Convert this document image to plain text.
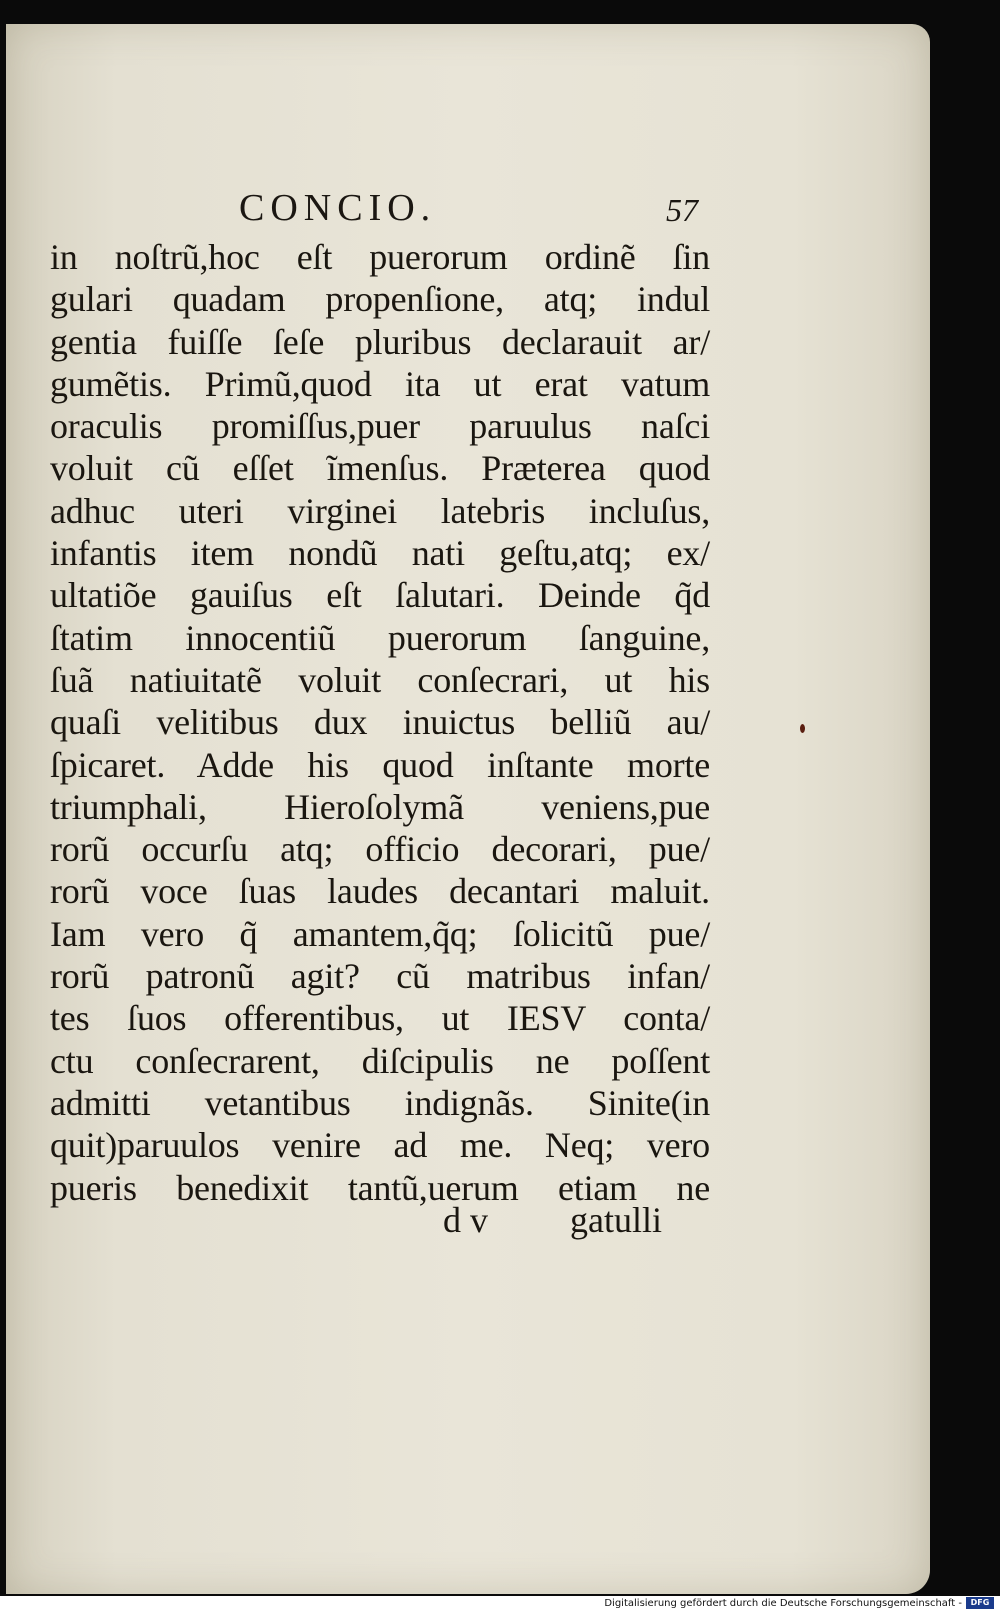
CONCIO.	57
in noſtrũ,hoc eſt puerorum ordinẽ ſin
gulari quadam propenſione, atq; indul
gentia fuiſſe ſeſe pluribus declarauit ar/
gumẽtis. Primũ,quod ita ut erat vatum
oraculis promiſſus,puer paruulus naſci
voluit cũ eſſet ĩmenſus. Præterea quod
adhuc uteri virginei latebris incluſus,
infantis item nondũ nati geſtu,atq; ex/
ultatiõe gauiſus eſt ſalutari. Deinde q̃d
ſtatim innocentiũ puerorum ſanguine,
ſuã natiuitatẽ voluit conſecrari, ut his
quaſi velitibus dux inuictus belliũ au/
ſpicaret. Adde his quod inſtante morte
triumphali, Hieroſolymã veniens,pue
rorũ occurſu atq; officio decorari, pue/
rorũ voce ſuas laudes decantari maluit.
Iam vero q̃ amantem,q̃q; ſolicitũ pue/
rorũ patronũ agit? cũ matribus infan/
tes ſuos offerentibus, ut IESV conta/
ctu conſecrarent, diſcipulis ne poſſent
admitti vetantibus indignãs. Sinite(in
quit)paruulos venire ad me. Neq; vero
pueris benedixit tantũ,uerum etiam ne
d v gatulli
Digitalisierung gefördert durch die Deutsche Forschungsgemeinschaft -	DFG
